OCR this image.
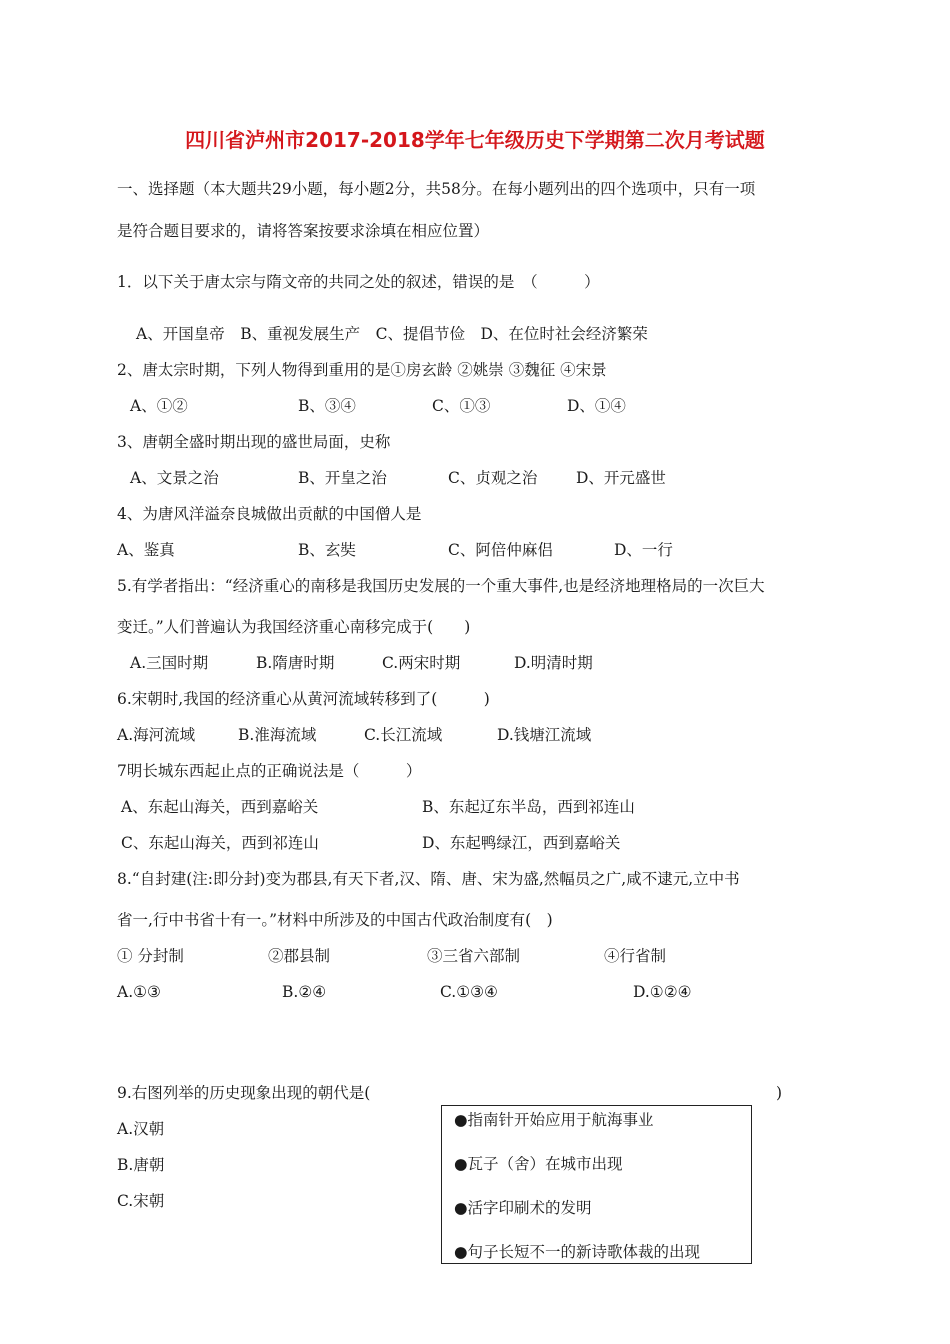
四川省泸州市2017-2018学年七年级历史下学期第二次月考试题
一、选择题（本大题共29小题，每小题2分，共58分。在每小题列出的四个选项中，只有一项
是符合题目要求的，请将答案按要求涂填在相应位置）
1．以下关于唐太宗与隋文帝的共同之处的叙述，错误的是　（　　　）
A、开国皇帝　B、重视发展生产　C、提倡节俭　D、在位时社会经济繁荣
2、唐太宗时期，下列人物得到重用的是①房玄龄 ②姚崇 ③魏征 ④宋景
A、①②	B、③④	C、①③	D、①④
3、唐朝全盛时期出现的盛世局面，史称
A、文景之治	B、开皇之治	C、贞观之治 D、开元盛世
4、为唐风洋溢奈良城做出贡献的中国僧人是
A、鉴真	B、玄奘	C、阿倍仲麻侣	D、一行
5.有学者指出：“经济重心的南移是我国历史发展的一个重大事件,也是经济地理格局的一次巨大
变迁。”人们普遍认为我国经济重心南移完成于(　　)
A.三国时期	B.隋唐时期	C.两宋时期	D.明清时期
6.宋朝时,我国的经济重心从黄河流域转移到了(　　　)
A.海河流域	B.淮海流域	C.长江流域	D.钱塘江流域
7明长城东西起止点的正确说法是（　　　）
A、东起山海关，西到嘉峪关	B、东起辽东半岛，西到祁连山
C、东起山海关，西到祁连山	D、东起鸭绿江，西到嘉峪关
8.“自封建(注:即分封)变为郡县,有天下者,汉、隋、唐、宋为盛,然幅员之广,咸不逮元,立中书
省一,行中书省十有一。”材料中所涉及的中国古代政治制度有(　)
① 分封制	②郡县制	③三省六部制	④行省制
A.①③	B.②④	C.①③④	D.①②④
9.右图列举的历史现象出现的朝代是(	)
A.汉朝
B.唐朝
C.宋朝
●指南针开始应用于航海事业
●瓦子（舍）在城市出现
●活字印刷术的发明
●句子长短不一的新诗歌体裁的出现
